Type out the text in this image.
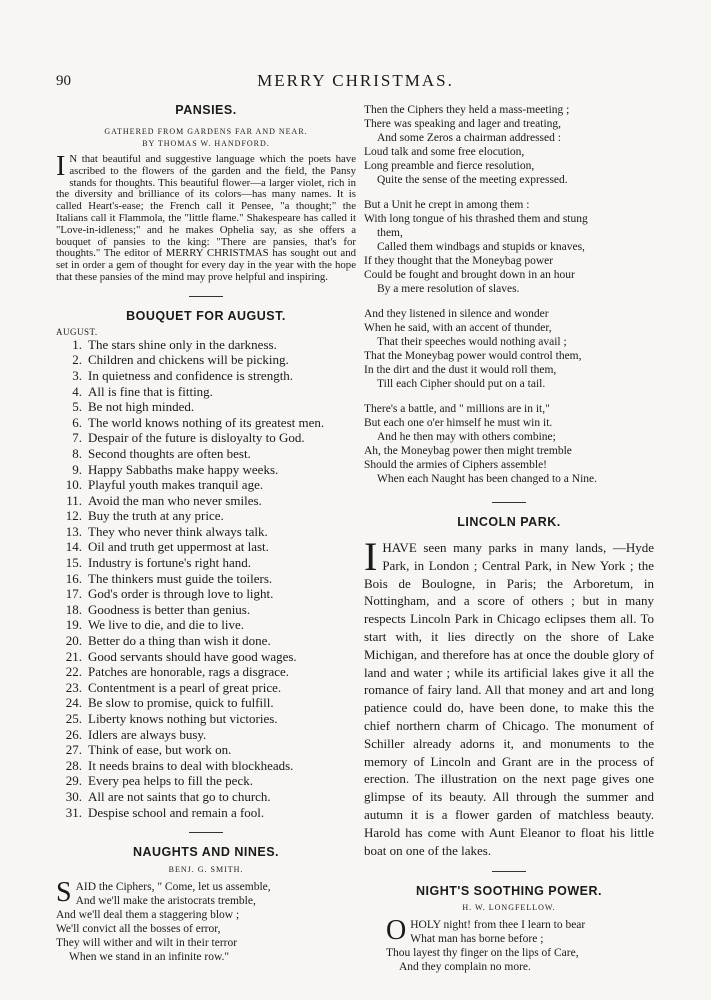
90	MERRY CHRISTMAS.
PANSIES.
GATHERED FROM GARDENS FAR AND NEAR.
BY THOMAS W. HANDFORD.

I N that beautiful and suggestive language which the poets have ascribed to the flowers of the garden and the field, the Pansy stands for thoughts. This beautiful flower—a larger violet, rich in the diversity and brilliance of its colors—has many names. It is called Heart's-ease; the French call it Pensee, "a thought;" the Italians call it Flammola, the "little flame." Shakespeare has called it "Love-in-idleness;" and he makes Ophelia say, as she offers a bouquet of pansies to the king: "There are pansies, that's for thoughts." The editor of MERRY CHRISTMAS has sought out and set in order a gem of thought for every day in the year with the hope that these pansies of the mind may prove helpful and inspiring.

BOUQUET FOR AUGUST.
AUGUST.
1. The stars shine only in the darkness.
2. Children and chickens will be picking.
3. In quietness and confidence is strength.
4. All is fine that is fitting.
5. Be not high minded.
6. The world knows nothing of its greatest men.
7. Despair of the future is disloyalty to God.
8. Second thoughts are often best.
9. Happy Sabbaths make happy weeks.
10. Playful youth makes tranquil age.
11. Avoid the man who never smiles.
12. Buy the truth at any price.
13. They who never think always talk.
14. Oil and truth get uppermost at last.
15. Industry is fortune's right hand.
16. The thinkers must guide the toilers.
17. God's order is through love to light.
18. Goodness is better than genius.
19. We live to die, and die to live.
20. Better do a thing than wish it done.
21. Good servants should have good wages.
22. Patches are honorable, rags a disgrace.
23. Contentment is a pearl of great price.
24. Be slow to promise, quick to fulfill.
25. Liberty knows nothing but victories.
26. Idlers are always busy.
27. Think of ease, but work on.
28. It needs brains to deal with blockheads.
29. Every pea helps to fill the peck.
30. All are not saints that go to church.
31. Despise school and remain a fool.
NAUGHTS AND NINES.
BENJ. G. SMITH.
S AID the Ciphers, " Come, let us assemble,
And we'll make the aristocrats tremble,
And we'll deal them a staggering blow ;
We'll convict all the bosses of error,
They will wither and wilt in their terror
When we stand in an infinite row."
Then the Ciphers they held a mass-meeting ;
There was speaking and lager and treating,
And some Zeros a chairman addressed :
Loud talk and some free elocution,
Long preamble and fierce resolution,
Quite the sense of the meeting expressed.
But a Unit he crept in among them :
With long tongue of his thrashed them and stung
them,
Called them windbags and stupids or knaves,
If they thought that the Moneybag power
Could be fought and brought down in an hour
By a mere resolution of slaves.
And they listened in silence and wonder
When he said, with an accent of thunder,
That their speeches would nothing avail ;
That the Moneybag power would control them,
In the dirt and the dust it would roll them,
Till each Cipher should put on a tail.
There's a battle, and " millions are in it,"
But each one o'er himself he must win it.
And he then may with others combine;
Ah, the Moneybag power then might tremble
Should the armies of Ciphers assemble!
When each Naught has been changed to a Nine.
LINCOLN PARK.

IHAVE seen many parks in many lands, —Hyde Park, in London ; Central Park, in New York ; the Bois de Boulogne, in Paris; the Arboretum, in Nottingham, and a score of others ; but in many respects Lincoln Park in Chicago eclipses them all. To start with, it lies directly on the shore of Lake Michigan, and therefore has at once the double glory of land and water ; while its artificial lakes give it all the romance of fairy land. All that money and art and long patience could do, have been done, to make this the chief northern charm of Chicago. The monument of Schiller already adorns it, and monuments to the memory of Lincoln and Grant are in the process of erection. The illustration on the next page gives one glimpse of its beauty. All through the summer and autumn it is a flower garden of matchless beauty. Harold has come with Aunt Eleanor to float his little boat on one of the lakes.

NIGHT'S SOOTHING POWER.
H. W. LONGFELLOW.
O HOLY night! from thee I learn to bear
What man has borne before ;
Thou layest thy finger on the lips of Care,
And they complain no more.
